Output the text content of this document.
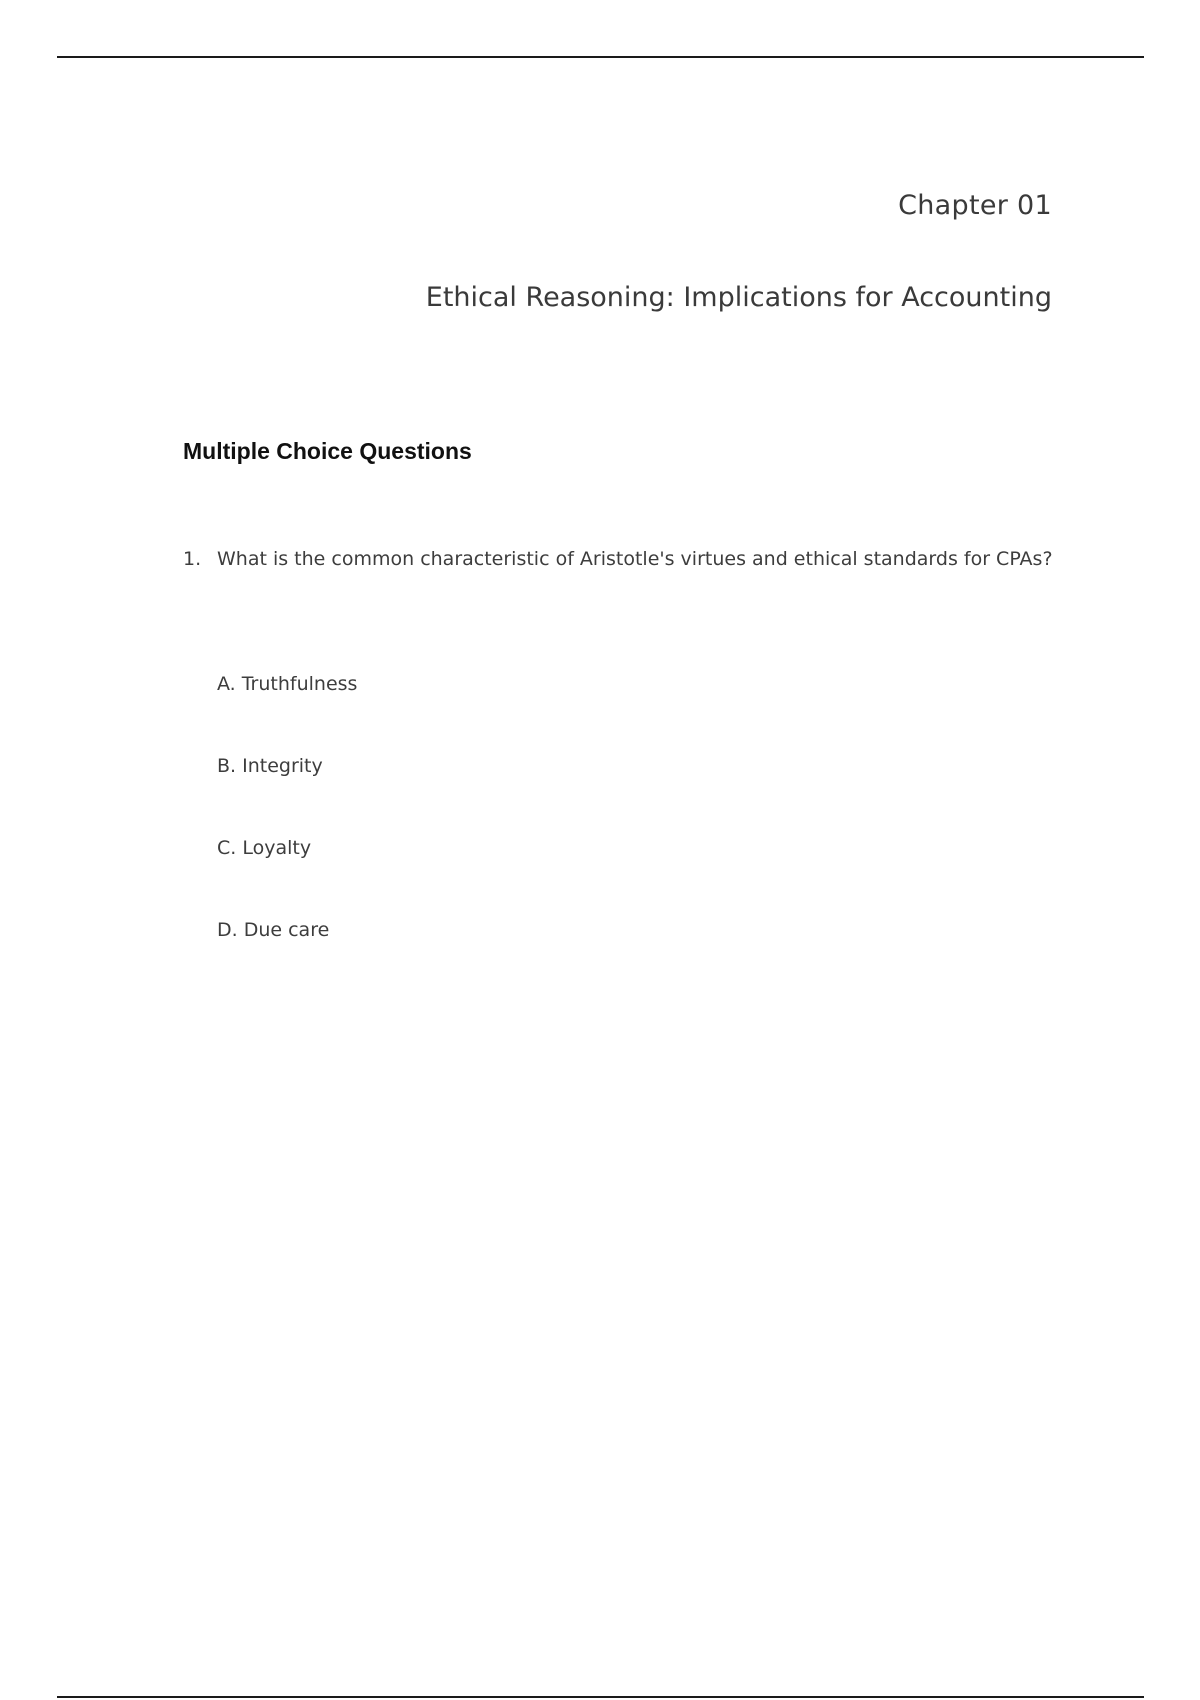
Chapter 01
Ethical Reasoning: Implications for Accounting
Multiple Choice Questions
1. What is the common characteristic of Aristotle's virtues and ethical standards for CPAs?
A. Truthfulness
B. Integrity
C. Loyalty
D. Due care
